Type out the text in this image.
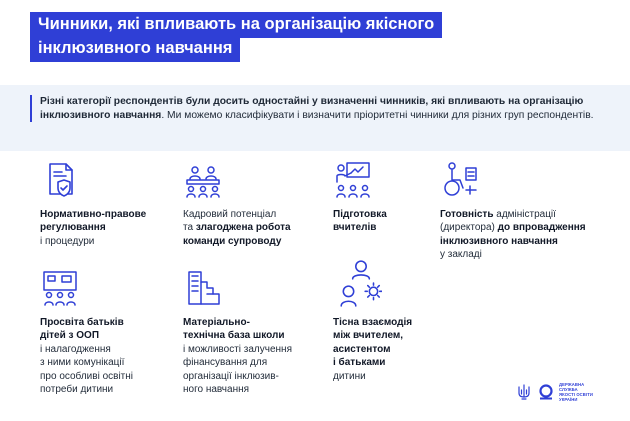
Чинники, які впливають на організацію якісного
інклюзивного навчання
Різні категорії респондентів були досить одностайні у визначенні чинників, які впливають на організацію інклюзивного навчання. Ми можемо класифікувати і визначити пріоритетні чинники для різних груп респондентів.
Нормативно-правове
регулювання
і процедури
Кадровий потенціал
та злагоджена робота
команди супроводу
Підготовка
вчителів
Готовність адміністрації
(директора) до впровадження
інклюзивного навчання
у закладі
Просвіта батьків
дітей з ООП
і налагодження
з ними комунікації
про особливі освітні
потреби дитини
Матеріально-
технічна база школи
і можливості залучення
фінансування для
організації інклюзив-
ного навчання
Тісна взаємодія
між вчителем,
асистентом
і батьками
дитини
ДЕРЖАВНА
СЛУЖБА
ЯКОСТІ ОСВІТИ
УКРАЇНИ
